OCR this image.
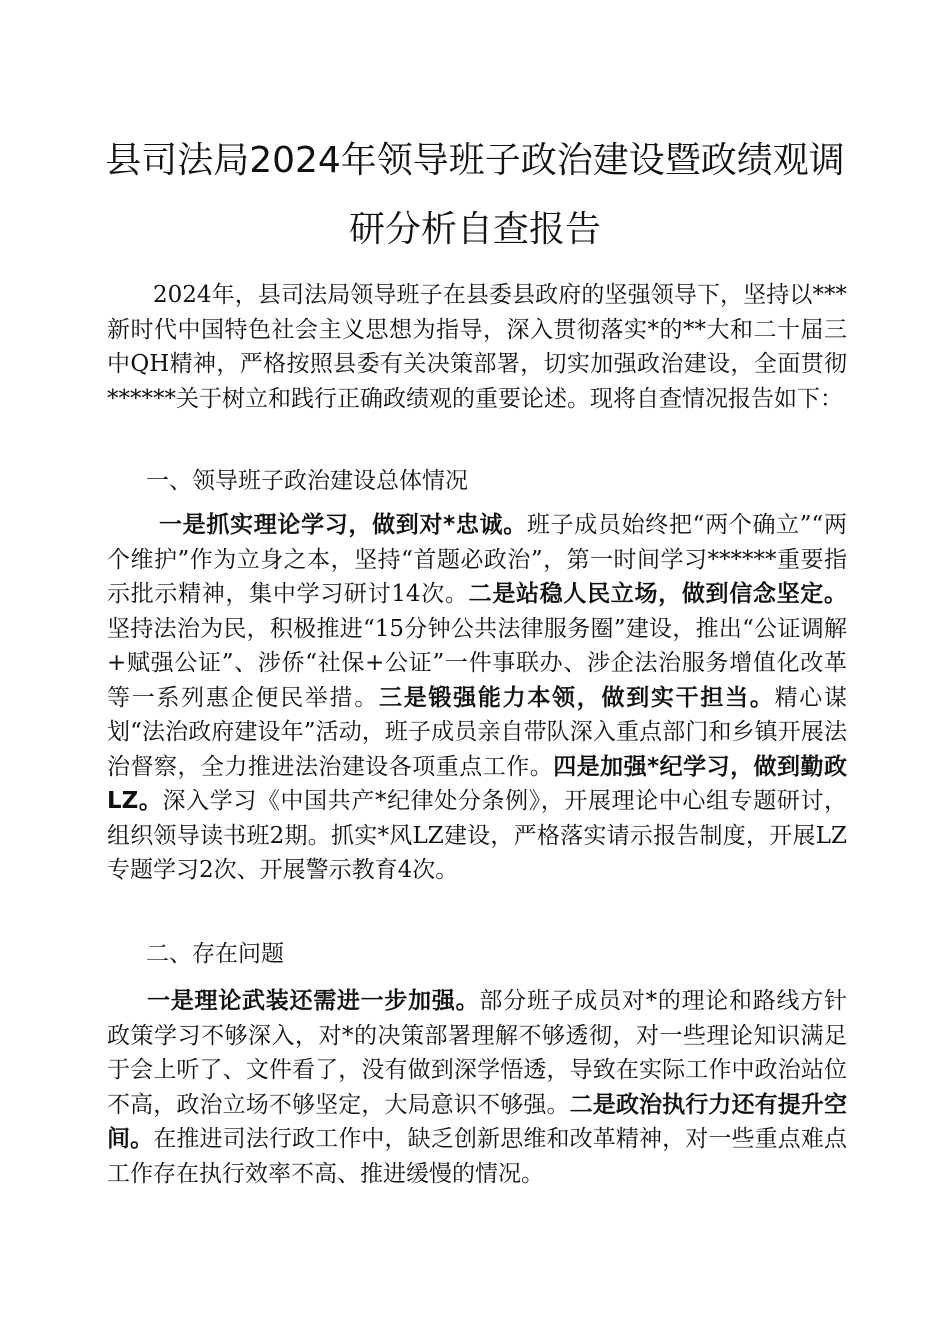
县司法局2024年领导班子政治建设暨政绩观调
研分析自查报告
2024年，县司法局领导班子在县委县政府的坚强领导下，坚持以***新时代中国特色社会主义思想为指导，深入贯彻落实*的**大和二十届三中QH精神，严格按照县委有关决策部署，切实加强政治建设，全面贯彻******关于树立和践行正确政绩观的重要论述。现将自查情况报告如下：
一、领导班子政治建设总体情况
一是抓实理论学习，做到对*忠诚。班子成员始终把“两个确立”“两个维护”作为立身之本，坚持“首题必政治”，第一时间学习******重要指示批示精神，集中学习研讨14次。二是站稳人民立场，做到信念坚定。坚持法治为民，积极推进“15分钟公共法律服务圈”建设，推出“公证调解+赋强公证”、涉侨“社保+公证”一件事联办、涉企法治服务增值化改革等一系列惠企便民举措。三是锻强能力本领，做到实干担当。精心谋划“法治政府建设年”活动，班子成员亲自带队深入重点部门和乡镇开展法治督察，全力推进法治建设各项重点工作。四是加强*纪学习，做到勤政LZ。深入学习《中国共产*纪律处分条例》，开展理论中心组专题研讨，组织领导读书班2期。抓实*风LZ建设，严格落实请示报告制度，开展LZ专题学习2次、开展警示教育4次。
二、存在问题
一是理论武装还需进一步加强。部分班子成员对*的理论和路线方针政策学习不够深入，对*的决策部署理解不够透彻，对一些理论知识满足于会上听了、文件看了，没有做到深学悟透，导致在实际工作中政治站位不高，政治立场不够坚定，大局意识不够强。二是政治执行力还有提升空间。在推进司法行政工作中，缺乏创新思维和改革精神，对一些重点难点工作存在执行效率不高、推进缓慢的情况。
